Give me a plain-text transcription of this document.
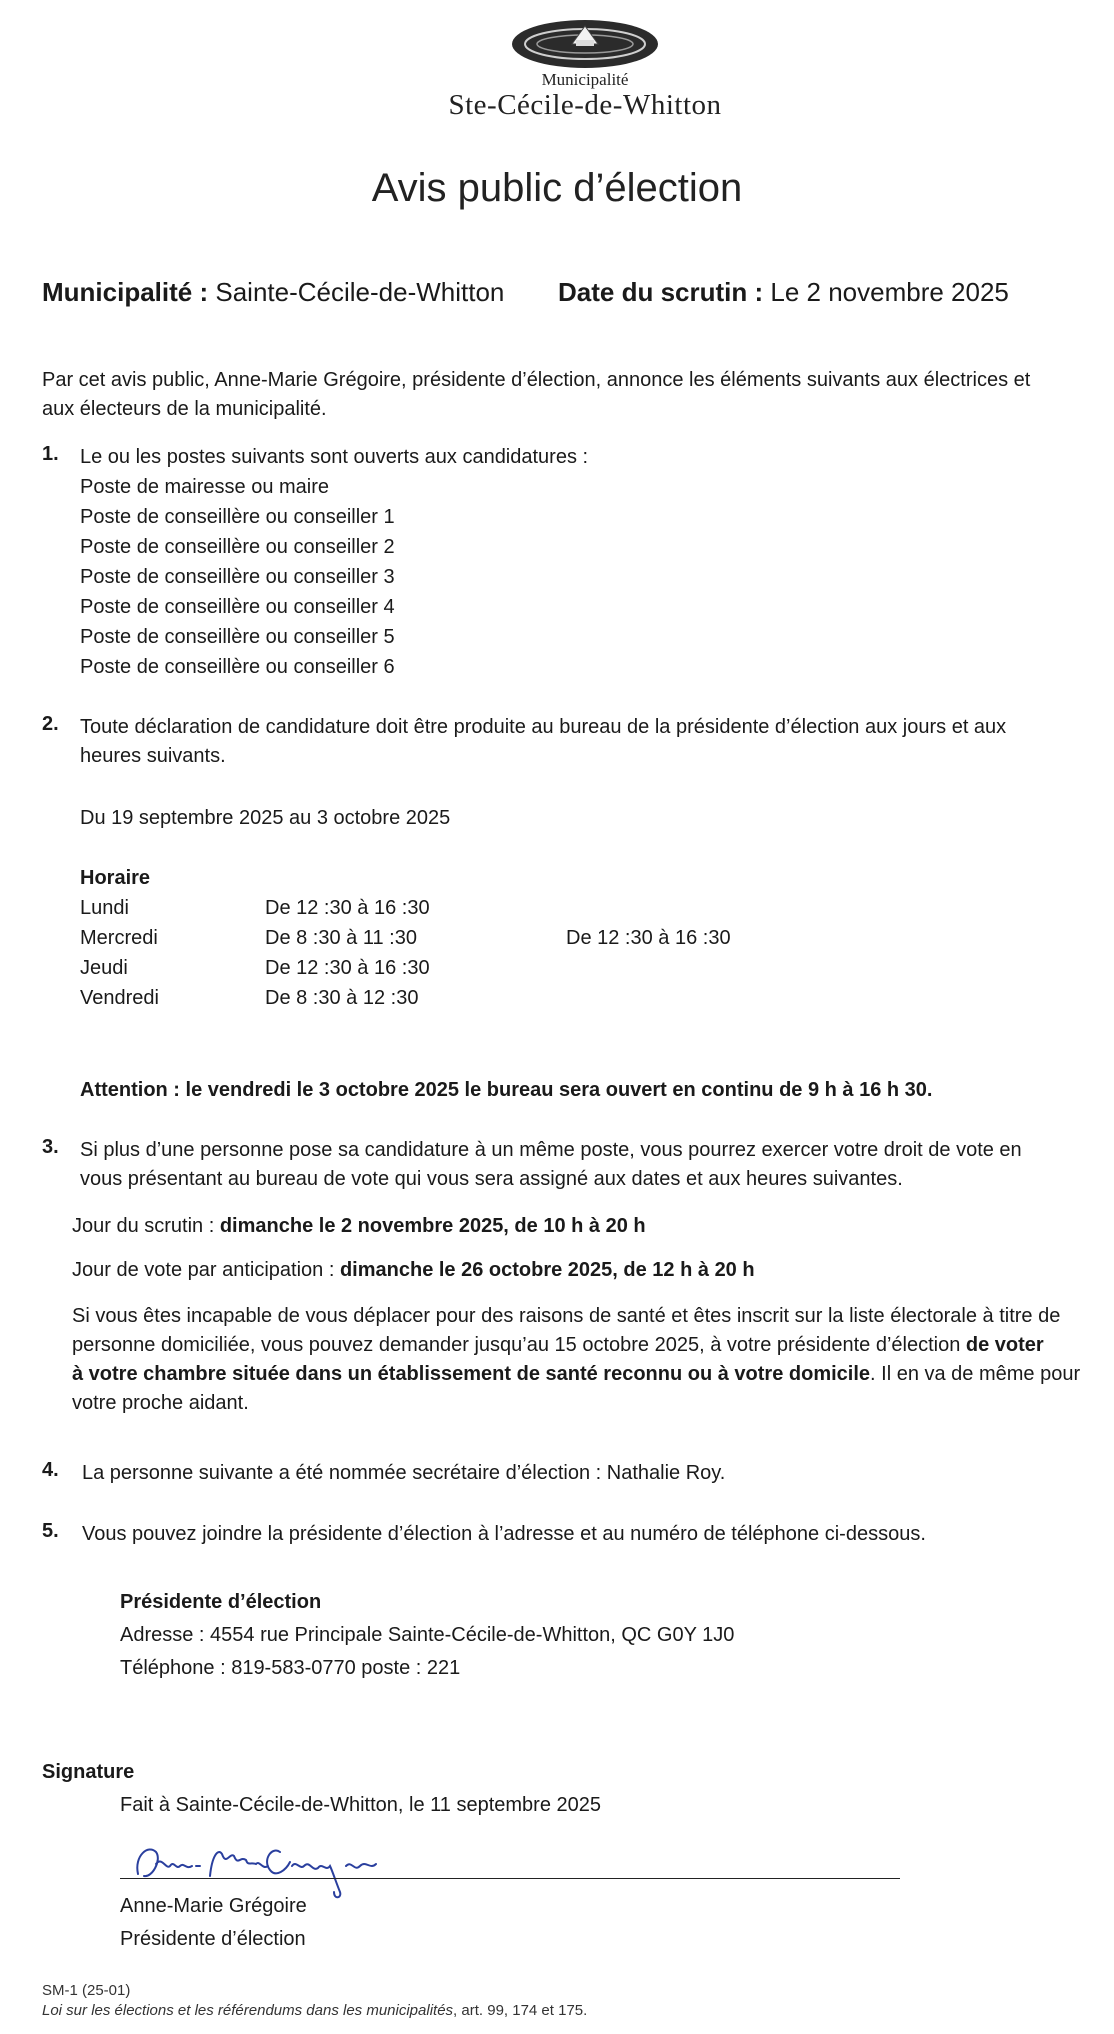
Municipalité
Ste-Cécile-de-Whitton
Avis public d’élection
Municipalité : Sainte-Cécile-de-Whitton Date du scrutin : Le 2 novembre 2025
Par cet avis public, Anne-Marie Grégoire, présidente d’élection, annonce les éléments suivants aux électrices et
aux électeurs de la municipalité.
1. Le ou les postes suivants sont ouverts aux candidatures :
Poste de mairesse ou maire
Poste de conseillère ou conseiller 1
Poste de conseillère ou conseiller 2
Poste de conseillère ou conseiller 3
Poste de conseillère ou conseiller 4
Poste de conseillère ou conseiller 5
Poste de conseillère ou conseiller 6
2. Toute déclaration de candidature doit être produite au bureau de la présidente d’élection aux jours et aux
heures suivants.
Du 19 septembre 2025 au 3 octobre 2025
Horaire
Lundi	De 12 :30 à 16 :30
Mercredi	De 8 :30 à 11 :30	De 12 :30 à 16 :30
Jeudi	De 12 :30 à 16 :30
Vendredi	De 8 :30 à 12 :30
Attention : le vendredi le 3 octobre 2025 le bureau sera ouvert en continu de 9 h à 16 h 30.
3. Si plus d’une personne pose sa candidature à un même poste, vous pourrez exercer votre droit de vote en
vous présentant au bureau de vote qui vous sera assigné aux dates et aux heures suivantes.
Jour du scrutin : dimanche le 2 novembre 2025, de 10 h à 20 h
Jour de vote par anticipation : dimanche le 26 octobre 2025, de 12 h à 20 h
Si vous êtes incapable de vous déplacer pour des raisons de santé et êtes inscrit sur la liste électorale à titre de
personne domiciliée, vous pouvez demander jusqu’au 15 octobre 2025, à votre présidente d’élection de voter
à votre chambre située dans un établissement de santé reconnu ou à votre domicile. Il en va de même pour
votre proche aidant.
4. La personne suivante a été nommée secrétaire d’élection : Nathalie Roy.
5. Vous pouvez joindre la présidente d’élection à l’adresse et au numéro de téléphone ci-dessous.
Présidente d’élection
Adresse : 4554 rue Principale Sainte-Cécile-de-Whitton, QC G0Y 1J0
Téléphone : 819-583-0770 poste : 221
Signature
Fait à Sainte-Cécile-de-Whitton, le 11 septembre 2025
Anne-Marie Grégoire
Présidente d’élection
SM-1 (25-01)
Loi sur les élections et les référendums dans les municipalités, art. 99, 174 et 175.
